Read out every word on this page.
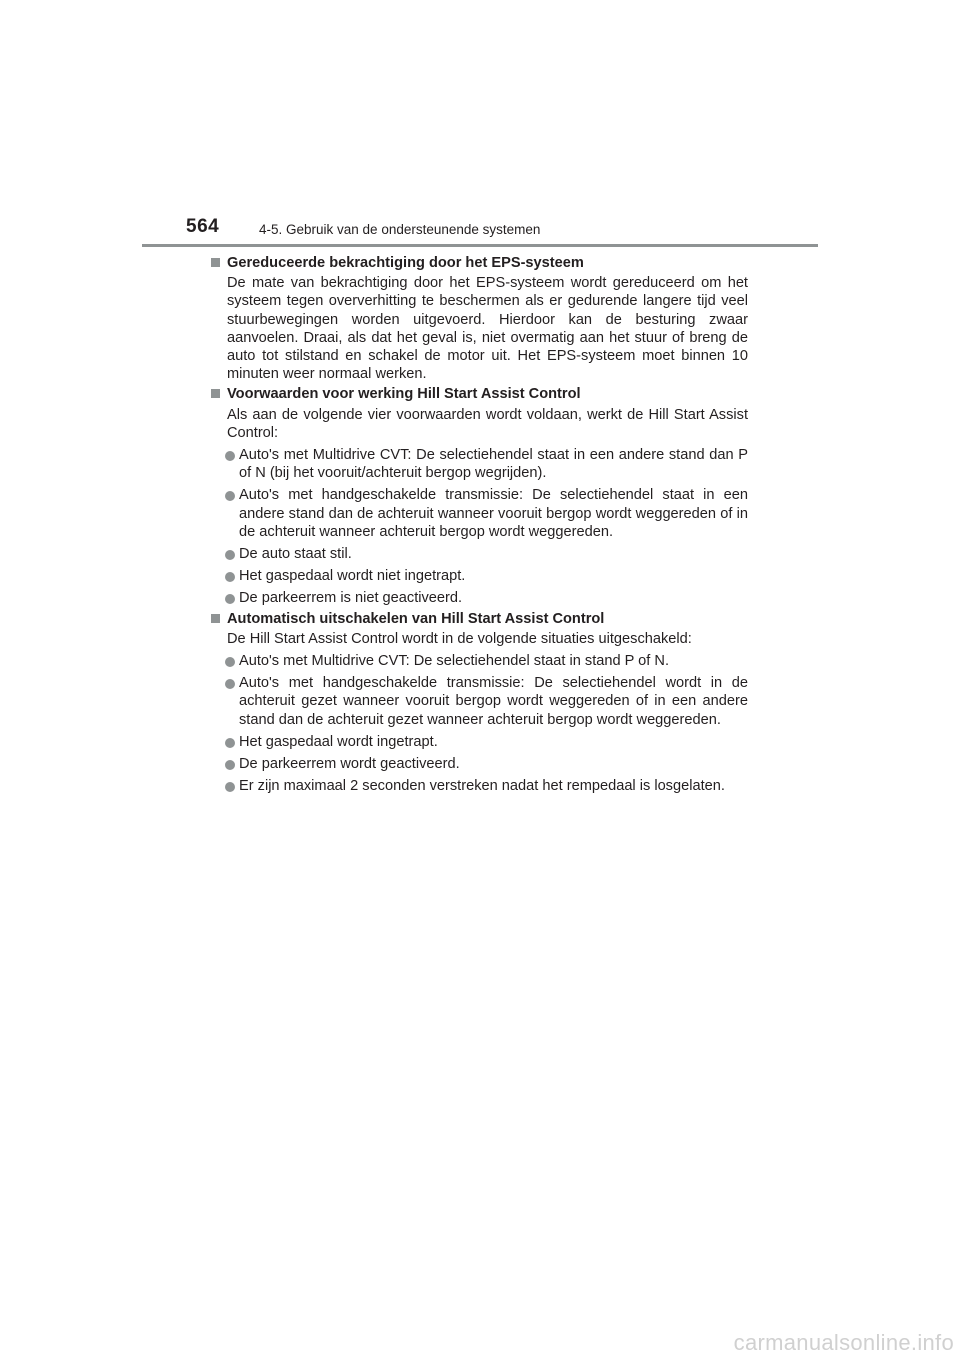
564	4-5. Gebruik van de ondersteunende systemen

Gereduceerde bekrachtiging door het EPS-systeem

De mate van bekrachtiging door het EPS-systeem wordt gereduceerd om het systeem tegen oververhitting te beschermen als er gedurende langere tijd veel stuurbewegingen worden uitgevoerd. Hierdoor kan de besturing zwaar aanvoelen. Draai, als dat het geval is, niet overmatig aan het stuur of breng de auto tot stilstand en schakel de motor uit. Het EPS-systeem moet binnen 10 minuten weer normaal werken.

Voorwaarden voor werking Hill Start Assist Control

Als aan de volgende vier voorwaarden wordt voldaan, werkt de Hill Start Assist Control:

Auto's met Multidrive CVT: De selectiehendel staat in een andere stand dan P of N (bij het vooruit/achteruit bergop wegrijden).
Auto's met handgeschakelde transmissie: De selectiehendel staat in een andere stand dan de achteruit wanneer vooruit bergop wordt weggereden of in de achteruit wanneer achteruit bergop wordt weggereden.
De auto staat stil.
Het gaspedaal wordt niet ingetrapt.
De parkeerrem is niet geactiveerd.

Automatisch uitschakelen van Hill Start Assist Control

De Hill Start Assist Control wordt in de volgende situaties uitgeschakeld:

Auto's met Multidrive CVT: De selectiehendel staat in stand P of N.
Auto's met handgeschakelde transmissie: De selectiehendel wordt in de achteruit gezet wanneer vooruit bergop wordt weggereden of in een andere stand dan de achteruit gezet wanneer achteruit bergop wordt weggereden.
Het gaspedaal wordt ingetrapt.
De parkeerrem wordt geactiveerd.
Er zijn maximaal 2 seconden verstreken nadat het rempedaal is losgelaten.
carmanualsonline.info
